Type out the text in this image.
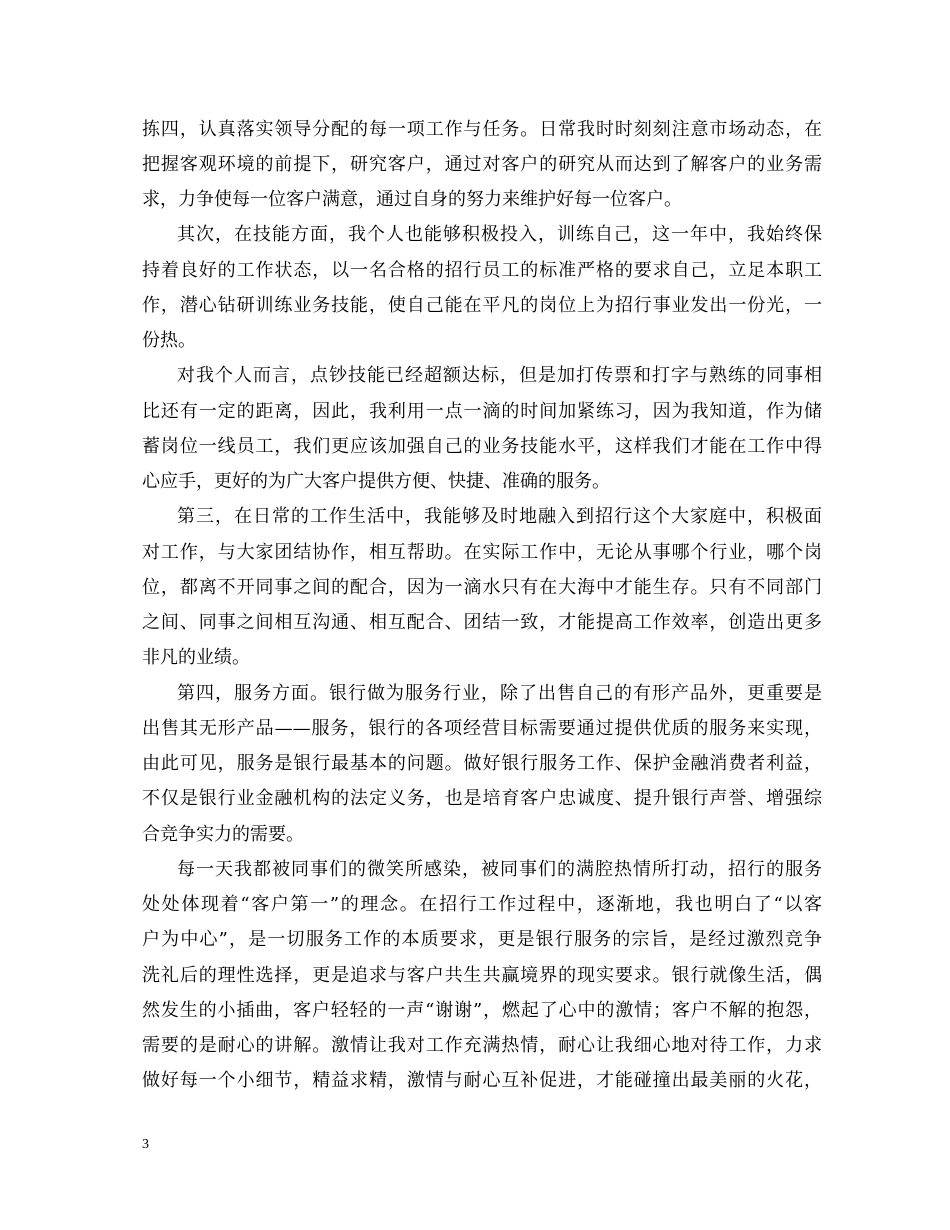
拣四，认真落实领导分配的每一项工作与任务。日常我时时刻刻注意市场动态，在
把握客观环境的前提下，研究客户，通过对客户的研究从而达到了解客户的业务需
求，力争使每一位客户满意，通过自身的努力来维护好每一位客户。
其次，在技能方面，我个人也能够积极投入，训练自己，这一年中，我始终保
持着良好的工作状态，以一名合格的招行员工的标准严格的要求自己，立足本职工
作，潜心钻研训练业务技能，使自己能在平凡的岗位上为招行事业发出一份光，一
份热。
对我个人而言，点钞技能已经超额达标，但是加打传票和打字与熟练的同事相
比还有一定的距离，因此，我利用一点一滴的时间加紧练习，因为我知道，作为储
蓄岗位一线员工，我们更应该加强自己的业务技能水平，这样我们才能在工作中得
心应手，更好的为广大客户提供方便、快捷、准确的服务。
第三，在日常的工作生活中，我能够及时地融入到招行这个大家庭中，积极面
对工作，与大家团结协作，相互帮助。在实际工作中，无论从事哪个行业，哪个岗
位，都离不开同事之间的配合，因为一滴水只有在大海中才能生存。只有不同部门
之间、同事之间相互沟通、相互配合、团结一致，才能提高工作效率，创造出更多
非凡的业绩。
第四，服务方面。银行做为服务行业，除了出售自己的有形产品外，更重要是
出售其无形产品——服务，银行的各项经营目标需要通过提供优质的服务来实现，
由此可见，服务是银行最基本的问题。做好银行服务工作、保护金融消费者利益，
不仅是银行业金融机构的法定义务，也是培育客户忠诚度、提升银行声誉、增强综
合竞争实力的需要。
每一天我都被同事们的微笑所感染，被同事们的满腔热情所打动，招行的服务
处处体现着“客户第一”的理念。在招行工作过程中，逐渐地，我也明白了“以客
户为中心”，是一切服务工作的本质要求，更是银行服务的宗旨，是经过激烈竞争
洗礼后的理性选择，更是追求与客户共生共赢境界的现实要求。银行就像生活，偶
然发生的小插曲，客户轻轻的一声“谢谢”，燃起了心中的激情；客户不解的抱怨，
需要的是耐心的讲解。激情让我对工作充满热情，耐心让我细心地对待工作，力求
做好每一个小细节，精益求精，激情与耐心互补促进，才能碰撞出最美丽的火花，
3
